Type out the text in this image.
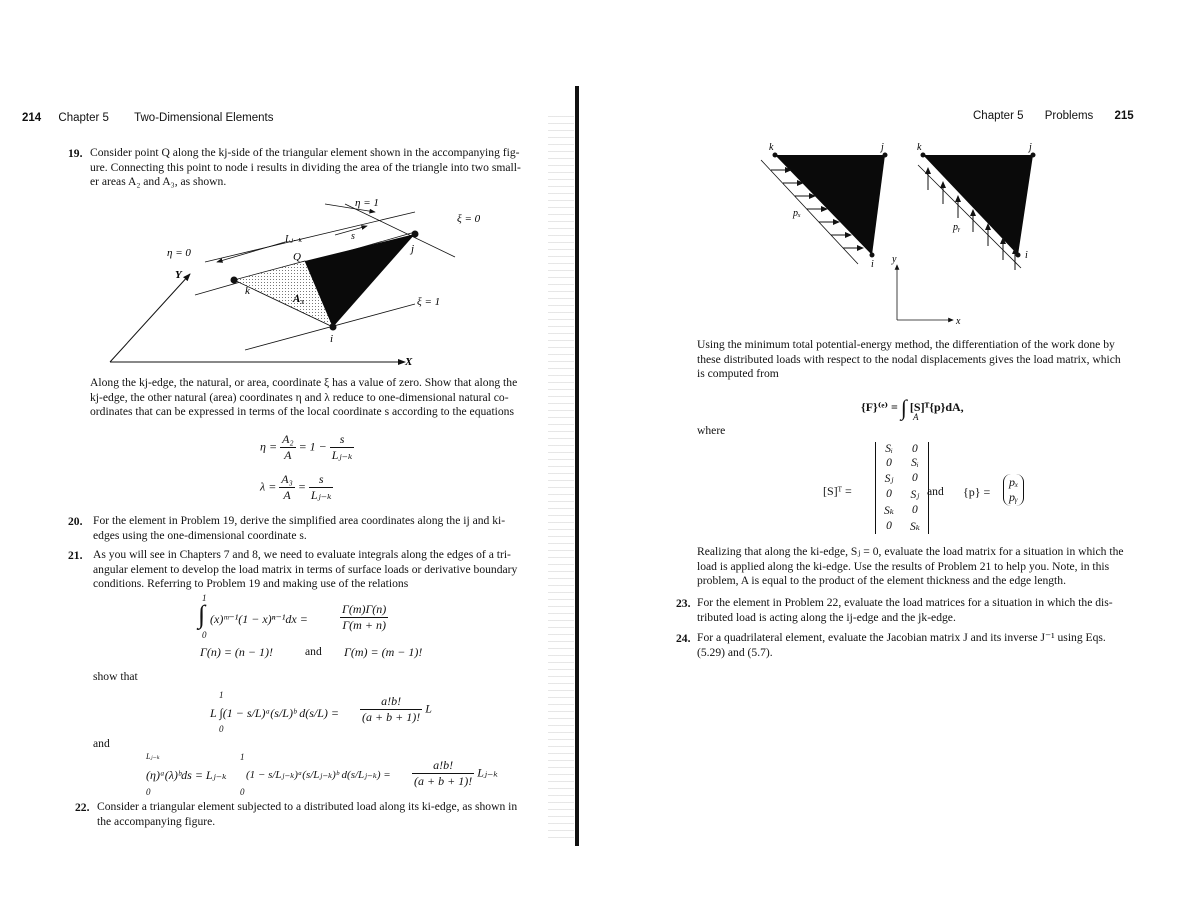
214 Chapter 5 Two-Dimensional Elements
19. Consider point Q along the kj-side of the triangular element shown in the accompanying fig-
ure. Connecting this point to node i results in dividing the area of the triangle into two small-
er areas A₂ and A₃, as shown.
η = 1
η = 0
ξ = 0
ξ = 1
Lⱼ₋ₖ	s
Q
j
k
i
A₃
Y
X
Along the kj-edge, the natural, or area, coordinate ξ has a value of zero. Show that along the
kj-edge, the other natural (area) coordinates η and λ reduce to one-dimensional natural co-
ordinates that can be expressed in terms of the local coordinate s according to the equations
$\eta = \frac{\text{A₂}}{A} = 1 - \frac{s}{\text{Lⱼ₋ₖ}}$
$\lambda = \frac{\text{A₃}}{A} = \frac{s}{\text{Lⱼ₋ₖ}}$
20. For the element in Problem 19, derive the simplified area coordinates along the ij and ki-
edges using the one-dimensional coordinate s.
21. As you will see in Chapters 7 and 8, we need to evaluate integrals along the edges of a tri-
angular element to develop the load matrix in terms of surface loads or derivative boundary
conditions. Referring to Problem 19 and making use of the relations
1
0
∫ (x)ᵐ⁻¹(1 − x)ⁿ⁻¹dx =	$\frac{\Gamma(m)\Gamma(n)}{\Gamma(m + n)}$
Γ(n) = (n − 1)!	and Γ(m) = (m − 1)!
show that
1
0
L ∫(1 − s/L)ᵃ(s/L)ᵇ $d(s/L) = \frac{a!b!}{(a + b + 1)!}$ L
and
Lⱼ₋ₖ
0
1
0
(η)ᵃ(λ)ᵇds = Lⱼ₋ₖ (1 − s/Lⱼ₋ₖ)ᵃ(s/Lⱼ₋ₖ)ᵇ d(s/Lⱼ₋ₖ) = $\frac{a!b!}{(a + b + 1)!}$ Lⱼ₋ₖ
22. Consider a triangular element subjected to a distributed load along its ki-edge, as shown in
the accompanying figure.
Chapter 5 Problems 215
k	j
i
pₓ
k	j
i
pᵧ
y
x
Using the minimum total potential-energy method, the differentiation of the work done by
these distributed loads with respect to the nodal displacements gives the load matrix, which
is computed from
{F}⁽ᵉ⁾ = ∫ [S]ᵀ{p}dA,
A
where
[S]ᵀ =
Sᵢ	0
0	Sᵢ
Sⱼ	0
0	Sⱼ
Sₖ	0
0	Sₖ
and {p} =
pₓ
pᵧ
Realizing that along the ki-edge, Sⱼ = 0, evaluate the load matrix for a situation in which the
load is applied along the ki-edge. Use the results of Problem 21 to help you. Note, in this
problem, A is equal to the product of the element thickness and the edge length.
23. For the element in Problem 22, evaluate the load matrices for a situation in which the dis-
tributed load is acting along the ij-edge and the jk-edge.
24. For a quadrilateral element, evaluate the Jacobian matrix J and its inverse J⁻¹ using Eqs.
(5.29) and (5.7).
